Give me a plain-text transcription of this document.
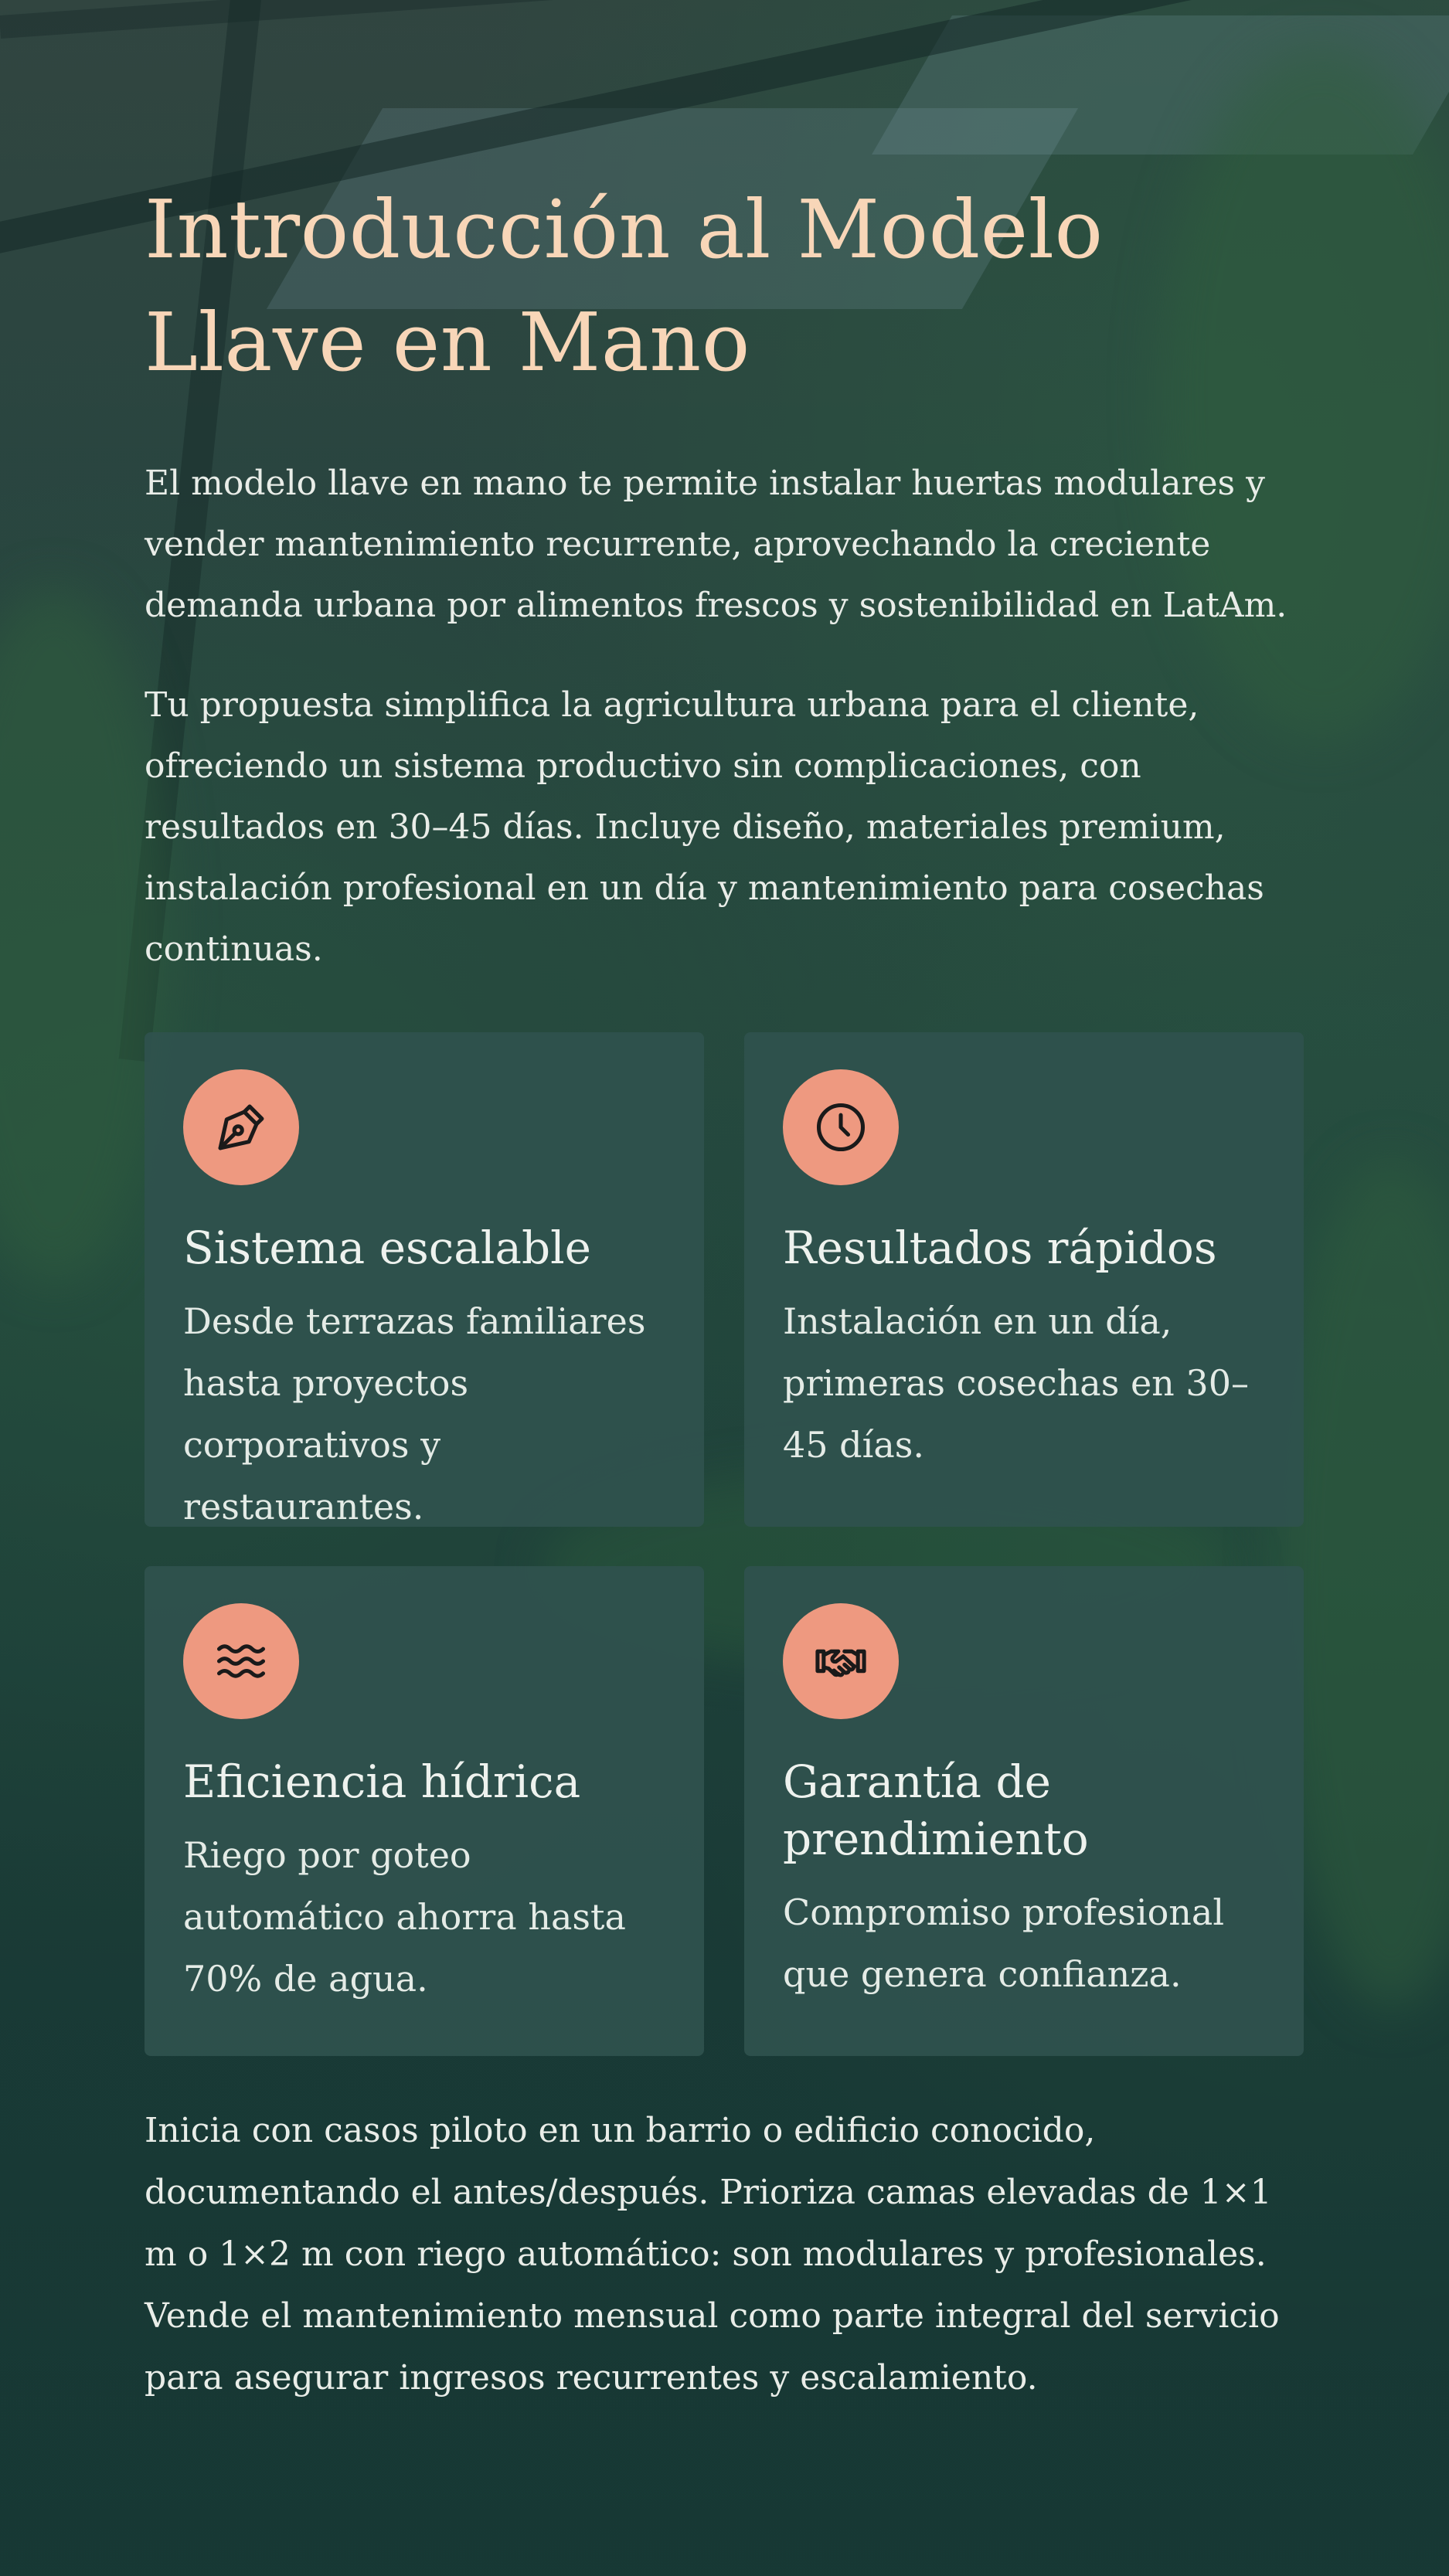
Introducción al Modelo Llave en Mano

El modelo llave en mano te permite instalar huertas modulares y vender mantenimiento recurrente, aprovechando la creciente demanda urbana por alimentos frescos y sostenibilidad en LatAm.

Tu propuesta simplifica la agricultura urbana para el cliente, ofreciendo un sistema productivo sin complicaciones, con resultados en 30–45 días. Incluye diseño, materiales premium, instalación profesional en un día y mantenimiento para cosechas continuas.

Sistema escalable

Desde terrazas familiares hasta proyectos corporativos y restaurantes.

Resultados rápidos

Instalación en un día, primeras cosechas en 30–45 días.

Eficiencia hídrica

Riego por goteo automático ahorra hasta 70% de agua.

Garantía de prendimiento

Compromiso profesional que genera confianza.

Inicia con casos piloto en un barrio o edificio conocido, documentando el antes/después. Prioriza camas elevadas de 1×1 m o 1×2 m con riego automático: son modulares y profesionales. Vende el mantenimiento mensual como parte integral del servicio para asegurar ingresos recurrentes y escalamiento.
